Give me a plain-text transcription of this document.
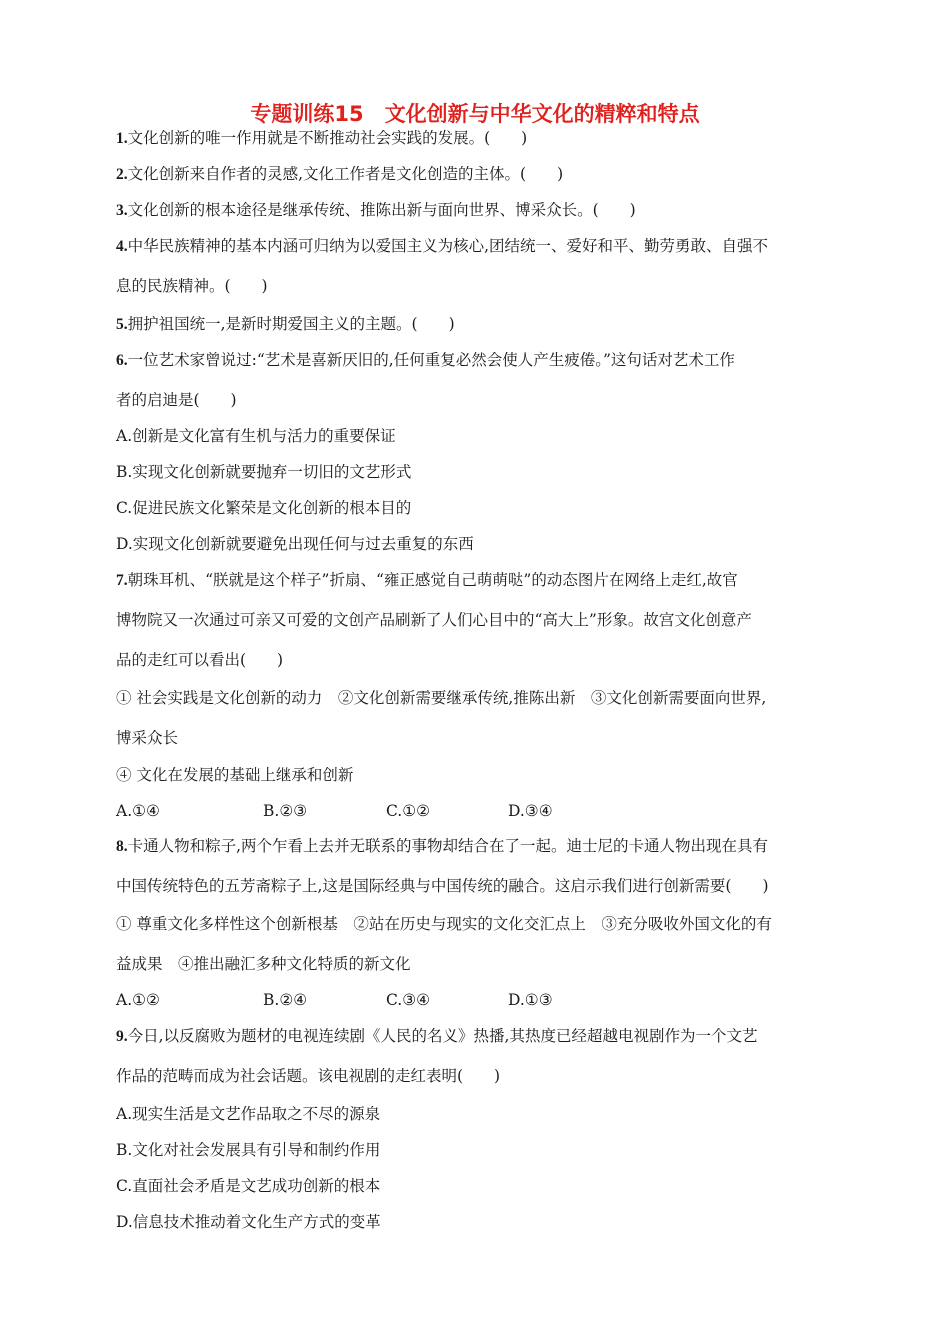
专题训练15　文化创新与中华文化的精粹和特点
1.文化创新的唯一作用就是不断推动社会实践的发展。(　　)
2.文化创新来自作者的灵感,文化工作者是文化创造的主体。(　　)
3.文化创新的根本途径是继承传统、推陈出新与面向世界、博采众长。(　　)
4.中华民族精神的基本内涵可归纳为以爱国主义为核心,团结统一、爱好和平、勤劳勇敢、自强不
息的民族精神。(　　)
5.拥护祖国统一,是新时期爱国主义的主题。(　　)
6.一位艺术家曾说过:“艺术是喜新厌旧的,任何重复必然会使人产生疲倦。”这句话对艺术工作
者的启迪是(　　)
A.创新是文化富有生机与活力的重要保证
B.实现文化创新就要抛弃一切旧的文艺形式
C.促进民族文化繁荣是文化创新的根本目的
D.实现文化创新就要避免出现任何与过去重复的东西
7.朝珠耳机、“朕就是这个样子”折扇、“雍正感觉自己萌萌哒”的动态图片在网络上走红,故官
博物院又一次通过可亲又可爱的文创产品刷新了人们心目中的“高大上”形象。故宫文化创意产
品的走红可以看出(　　)
① 社会实践是文化创新的动力　②文化创新需要继承传统,推陈出新　③文化创新需要面向世界,
博采众长
④ 文化在发展的基础上继承和创新
A.①④	B.②③	C.①②	D.③④
8.卡通人物和粽子,两个乍看上去并无联系的事物却结合在了一起。迪士尼的卡通人物出现在具有
中国传统特色的五芳斋粽子上,这是国际经典与中国传统的融合。这启示我们进行创新需要(　　)
① 尊重文化多样性这个创新根基　②站在历史与现实的文化交汇点上　③充分吸收外国文化的有
益成果　④推出融汇多种文化特质的新文化
A.①②	B.②④	C.③④	D.①③
9.今日,以反腐败为题材的电视连续剧《人民的名义》热播,其热度已经超越电视剧作为一个文艺
作品的范畴而成为社会话题。该电视剧的走红表明(　　)
A.现实生活是文艺作品取之不尽的源泉
B.文化对社会发展具有引导和制约作用
C.直面社会矛盾是文艺成功创新的根本
D.信息技术推动着文化生产方式的变革
